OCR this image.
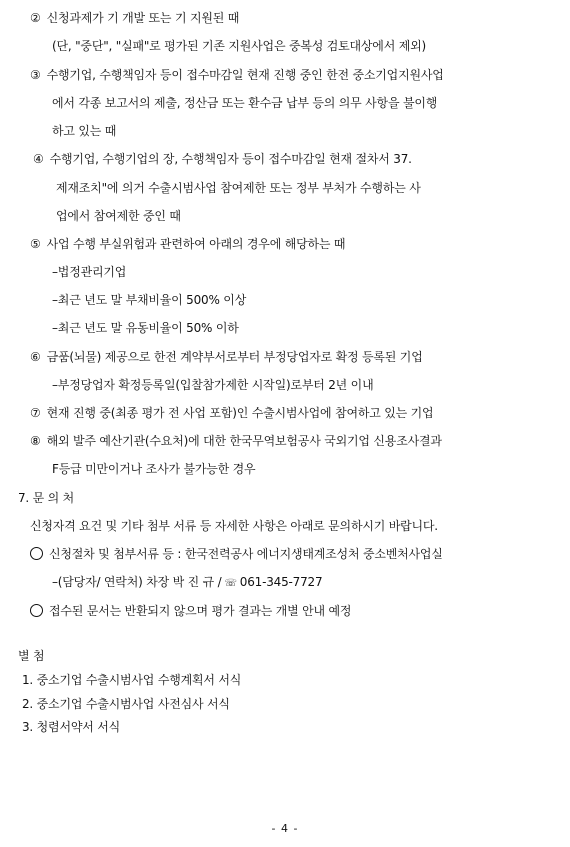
② 신청과제가 기 개발 또는 기 지원된 때
(단, "중단", "실패"로 평가된 기존 지원사업은 중복성 검토대상에서 제외)
③ 수행기업, 수행책임자 등이 접수마감일 현재 진행 중인 한전 중소기업지원사업
에서 각종 보고서의 제출, 정산금 또는 환수금 납부 등의 의무 사항을 불이행
하고 있는 때
④ 수행기업, 수행기업의 장, 수행책임자 등이 접수마감일 현재 절차서 37.
제재조치"에 의거 수출시범사업 참여제한 또는 정부 부처가 수행하는 사
업에서 참여제한 중인 때
⑤ 사업 수행 부실위험과 관련하여 아래의 경우에 해당하는 때
–법정관리기업
–최근 년도 말 부채비율이 500% 이상
–최근 년도 말 유동비율이 50% 이하
⑥ 금품(뇌물) 제공으로 한전 계약부서로부터 부정당업자로 확정 등록된 기업
–부정당업자 확정등록일(입찰참가제한 시작일)로부터 2년 이내
⑦ 현재 진행 중(최종 평가 전 사업 포함)인 수출시범사업에 참여하고 있는 기업
⑧ 해외 발주 예산기관(수요처)에 대한 한국무역보험공사 국외기업 신용조사결과
F등급 미만이거나 조사가 불가능한 경우
7. 문 의 처
신청자격 요건 및 기타 첨부 서류 등 자세한 사항은 아래로 문의하시기 바랍니다.
신청절차 및 첨부서류 등 : 한국전력공사 에너지생태계조성처 중소벤처사업실
–(담당자/ 연락처) 차장 박 진 규 / ☏ 061-345-7727
접수된 문서는 반환되지 않으며 평가 결과는 개별 안내 예정
별 첨
1. 중소기업 수출시범사업 수행계획서 서식
2. 중소기업 수출시범사업 사전심사 서식
3. 청렴서약서 서식
- 4 -
